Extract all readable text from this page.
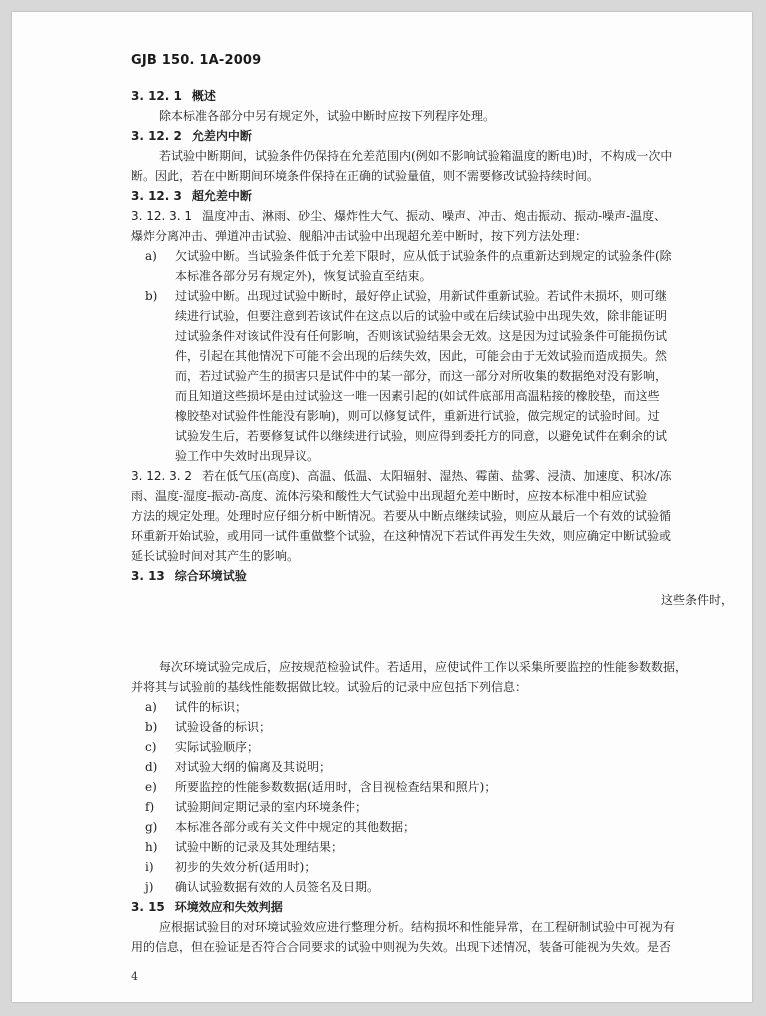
GJB 150. 1A-2009
3. 12. 1 概述
除本标准各部分中另有规定外，试验中断时应按下列程序处理。
3. 12. 2 允差内中断
若试验中断期间，试验条件仍保持在允差范围内(例如不影响试验箱温度的断电)时，不构成一次中
断。因此，若在中断期间环境条件保持在正确的试验量值，则不需要修改试验持续时间。
3. 12. 3 超允差中断
3. 12. 3. 1 温度冲击、淋雨、砂尘、爆炸性大气、振动、噪声、冲击、炮击振动、振动-噪声-温度、
爆炸分离冲击、弹道冲击试验、舰船冲击试验中出现超允差中断时，按下列方法处理：
a) 欠试验中断。当试验条件低于允差下限时，应从低于试验条件的点重新达到规定的试验条件(除
本标准各部分另有规定外)，恢复试验直至结束。
b) 过试验中断。出现过试验中断时，最好停止试验，用新试件重新试验。若试件未损坏，则可继
续进行试验，但要注意到若该试件在这点以后的试验中或在后续试验中出现失效，除非能证明
过试验条件对该试件没有任何影响，否则该试验结果会无效。这是因为过试验条件可能损伤试
件，引起在其他情况下可能不会出现的后续失效，因此，可能会由于无效试验而造成损失。然
而，若过试验产生的损害只是试件中的某一部分，而这一部分对所收集的数据绝对没有影响，
而且知道这些损坏是由过试验这一唯一因素引起的(如试件底部用高温粘接的橡胶垫，而这些
橡胶垫对试验件性能没有影响)，则可以修复试件，重新进行试验，做完规定的试验时间。过
试验发生后，若要修复试件以继续进行试验，则应得到委托方的同意，以避免试件在剩余的试
验工作中失效时出现异议。
3. 12. 3. 2 若在低气压(高度)、高温、低温、太阳辐射、湿热、霉菌、盐雾、浸渍、加速度、积冰/冻
雨、温度-湿度-振动-高度、流体污染和酸性大气试验中出现超允差中断时，应按本标准中相应试验
方法的规定处理。处理时应仔细分析中断情况。若要从中断点继续试验，则应从最后一个有效的试验循
环重新开始试验，或用同一试件重做整个试验，在这种情况下若试件再发生失效，则应确定中断试验或
延长试验时间对其产生的影响。
3. 13 综合环境试验
这些条件时，
每次环境试验完成后，应按规范检验试件。若适用，应使试件工作以采集所要监控的性能参数数据，
并将其与试验前的基线性能数据做比较。试验后的记录中应包括下列信息：
a) 试件的标识；
b) 试验设备的标识；
c) 实际试验顺序；
d) 对试验大纲的偏离及其说明；
e) 所要监控的性能参数数据(适用时，含目视检查结果和照片)；
f) 试验期间定期记录的室内环境条件；
g) 本标准各部分或有关文件中规定的其他数据；
h) 试验中断的记录及其处理结果；
i) 初步的失效分析(适用时)；
j) 确认试验数据有效的人员签名及日期。
3. 15 环境效应和失效判据
应根据试验目的对环境试验效应进行整理分析。结构损坏和性能异常，在工程研制试验中可视为有
用的信息，但在验证是否符合合同要求的试验中则视为失效。出现下述情况，装备可能视为失效。是否
4
